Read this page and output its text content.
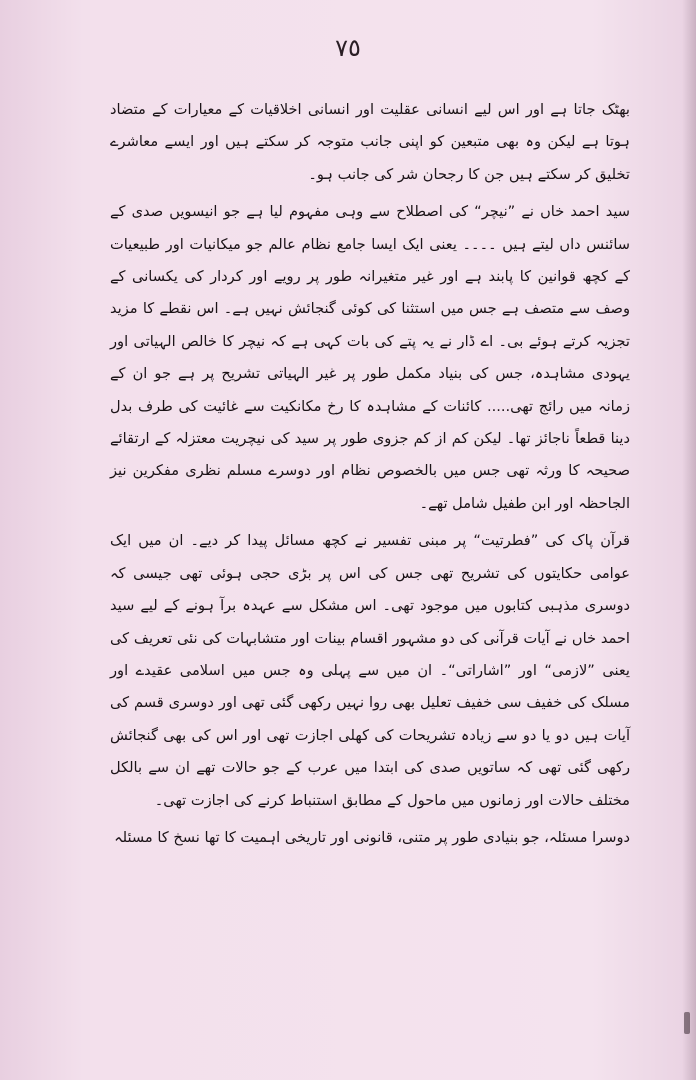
٧٥

بھٹک جاتا ہے اور اس لیے انسانی عقلیت اور انسانی اخلاقیات کے معیارات کے متضاد ہوتا ہے لیکن وہ بھی متبعین کو اپنی جانب متوجہ کر سکتے ہیں اور ایسے معاشرے تخلیق کر سکتے ہیں جن کا رجحان شر کی جانب ہو۔

سید احمد خاں نے ”نیچر“ کی اصطلاح سے وہی مفہوم لیا ہے جو انیسویں صدی کے سائنس داں لیتے ہیں ۔۔۔۔ یعنی ایک ایسا جامع نظام عالم جو میکانیات اور طبیعیات کے کچھ قوانین کا پابند ہے اور غیر متغیرانہ طور پر رویے اور کردار کی یکسانی کے وصف سے متصف ہے جس میں استثنا کی کوئی گنجائش نہیں ہے۔ اس نقطے کا مزید تجزیہ کرتے ہوئے بی۔ اے ڈار نے یہ پتے کی بات کہی ہے کہ نیچر کا خالص الہیاتی اور یہودی مشاہدہ، جس کی بنیاد مکمل طور پر غیر الہیاتی تشریح پر ہے جو ان کے زمانہ میں رائج تھی..... کائنات کے مشاہدہ کا رخ مکانکیت سے غائیت کی طرف بدل دینا قطعاً ناجائز تھا۔ لیکن کم از کم جزوی طور پر سید کی نیچریت معتزلہ کے ارتقائے صحیحہ کا ورثہ تھی جس میں بالخصوص نظام اور دوسرے مسلم نظری مفکرین نیز الجاحظہ اور ابن طفیل شامل تھے۔

قرآن پاک کی ”فطرتیت“ پر مبنی تفسیر نے کچھ مسائل پیدا کر دیے۔ ان میں ایک عوامی حکایتوں کی تشریح تھی جس کی اس پر بڑی حجی ہوئی تھی جیسی کہ دوسری مذہبی کتابوں میں موجود تھی۔ اس مشکل سے عہدہ برآ ہونے کے لیے سید احمد خاں نے آیات قرآنی کی دو مشہور اقسام بینات اور متشابہات کی نئی تعریف کی یعنی ”لازمی“ اور ”اشاراتی“۔ ان میں سے پہلی وہ جس میں اسلامی عقیدے اور مسلک کی خفیف سی خفیف تعلیل بھی روا نہیں رکھی گئی تھی اور دوسری قسم کی آیات ہیں دو یا دو سے زیادہ تشریحات کی کھلی اجازت تھی اور اس کی بھی گنجائش رکھی گئی تھی کہ ساتویں صدی کی ابتدا میں عرب کے جو حالات تھے ان سے بالکل مختلف حالات اور زمانوں میں ماحول کے مطابق استنباط کرنے کی اجازت تھی۔

دوسرا مسئلہ، جو بنیادی طور پر متنی، قانونی اور تاریخی اہمیت کا تھا نسخ کا مسئلہ
